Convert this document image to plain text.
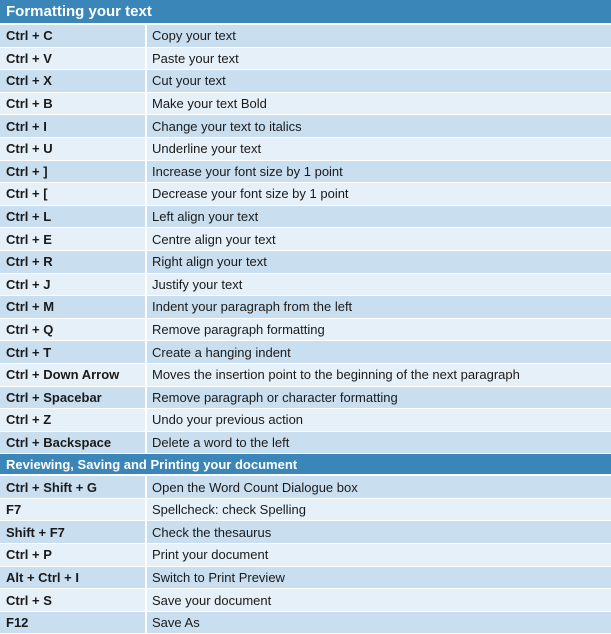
Formatting your text
Ctrl + C	Copy your text
Ctrl + V	Paste your text
Ctrl + X	Cut your text
Ctrl + B	Make your text Bold
Ctrl + I	Change your text to italics
Ctrl + U	Underline your text
Ctrl + ]	Increase your font size by 1 point
Ctrl + [	Decrease your font size by 1 point
Ctrl + L	Left align your text
Ctrl + E	Centre align your text
Ctrl + R	Right align your text
Ctrl + J	Justify your text
Ctrl + M	Indent your paragraph from the left
Ctrl + Q	Remove paragraph formatting
Ctrl + T	Create a hanging indent
Ctrl + Down Arrow	Moves the insertion point to the beginning of the next paragraph
Ctrl + Spacebar	Remove paragraph or character formatting
Ctrl + Z	Undo your previous action
Ctrl + Backspace	Delete a word to the left
Reviewing, Saving and Printing your document
Ctrl + Shift + G	Open the Word Count Dialogue box
F7	Spellcheck: check Spelling
Shift + F7	Check the thesaurus
Ctrl + P	Print your document
Alt + Ctrl + I	Switch to Print Preview
Ctrl + S	Save your document
F12	Save As
